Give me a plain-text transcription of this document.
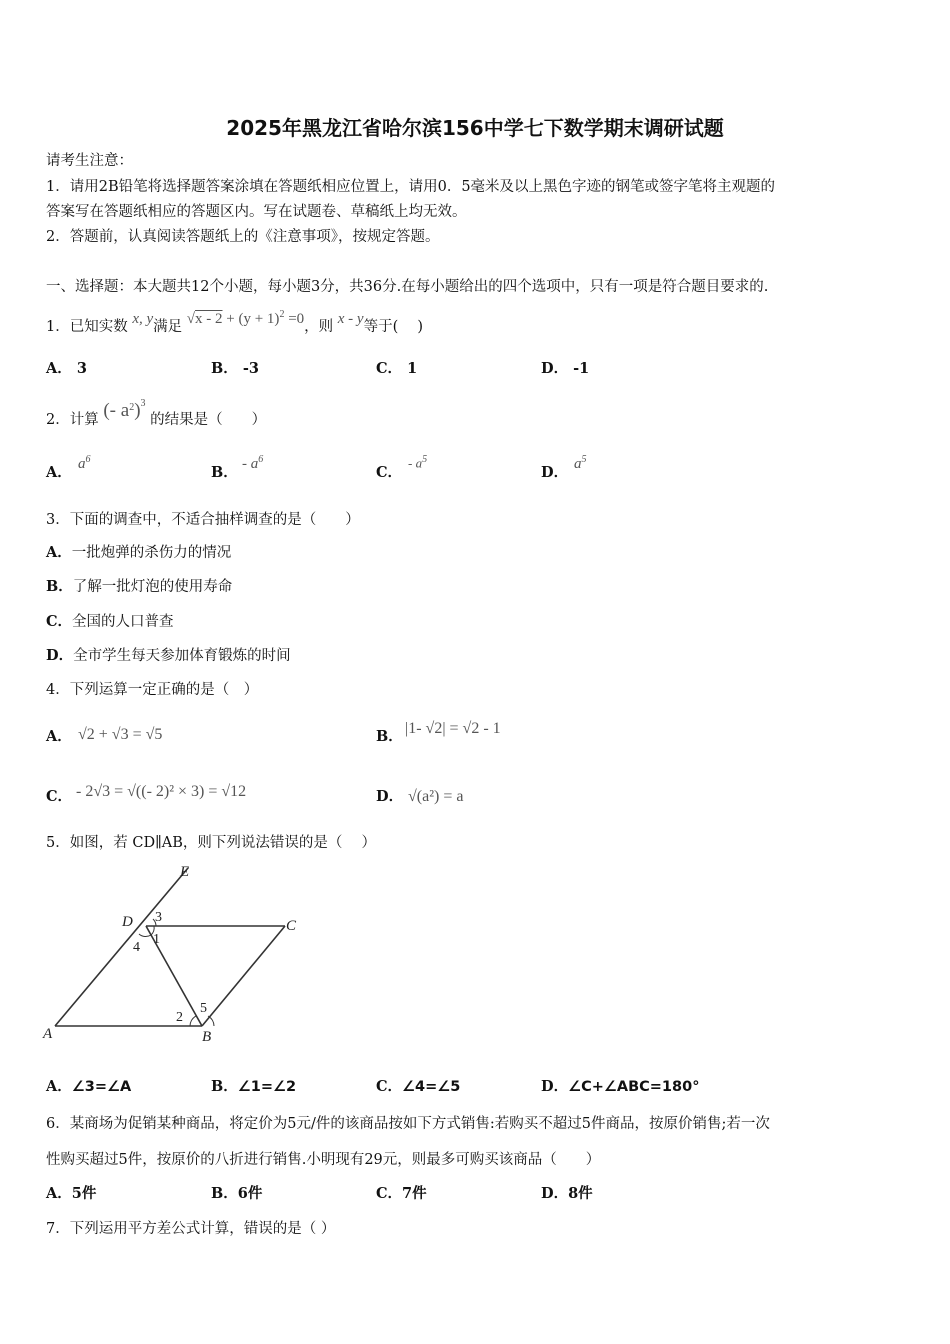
2025年黑龙江省哈尔滨156中学七下数学期末调研试题
请考生注意：
1．请用2B铅笔将选择题答案涂填在答题纸相应位置上，请用0．5毫米及以上黑色字迹的钢笔或签字笔将主观题的
答案写在答题纸相应的答题区内。写在试题卷、草稿纸上均无效。
2．答题前，认真阅读答题纸上的《注意事项》，按规定答题。
一、选择题：本大题共12个小题，每小题3分，共36分.在每小题给出的四个选项中，只有一项是符合题目要求的.
1．已知实数 x, y满足 $√x - 2 + (y + 1)^2 =0$，则 x - y等于(　 )
A． 3	B． -3	C． 1	D． -1
2．计算 (- $a^2)^3$ 的结果是（　　）
A． $a^6$
B． - $a^6$
C．
- $a^5$
D． $a^5$
3．下面的调查中，不适合抽样调查的是（　　）
A．一批炮弹的杀伤力的情况
B．了解一批灯泡的使用寿命
C．全国的人口普查
D．全市学生每天参加体育锻炼的时间
4．下列运算一定正确的是（　）
A． √2 + √3 = √5	B． |1- √2| = √2 - 1
C． - 2√3 = √((- 2)² × 3) = √12	D． √(a²) = a
5．如图，若 CD∥AB，则下列说法错误的是（　 ）
E
D	C
A	B
3
1
4
2
5
A．∠3=∠A	B．∠1=∠2	C．∠4=∠5	D．∠C+∠ABC=180°
6．某商场为促销某种商品，将定价为5元/件的该商品按如下方式销售:若购买不超过5件商品，按原价销售;若一次
性购买超过5件，按原价的八折进行销售.小明现有29元，则最多可购买该商品（　　）
A．5件	B．6件	C．7件	D．8件
7．下列运用平方差公式计算，错误的是（ ）
